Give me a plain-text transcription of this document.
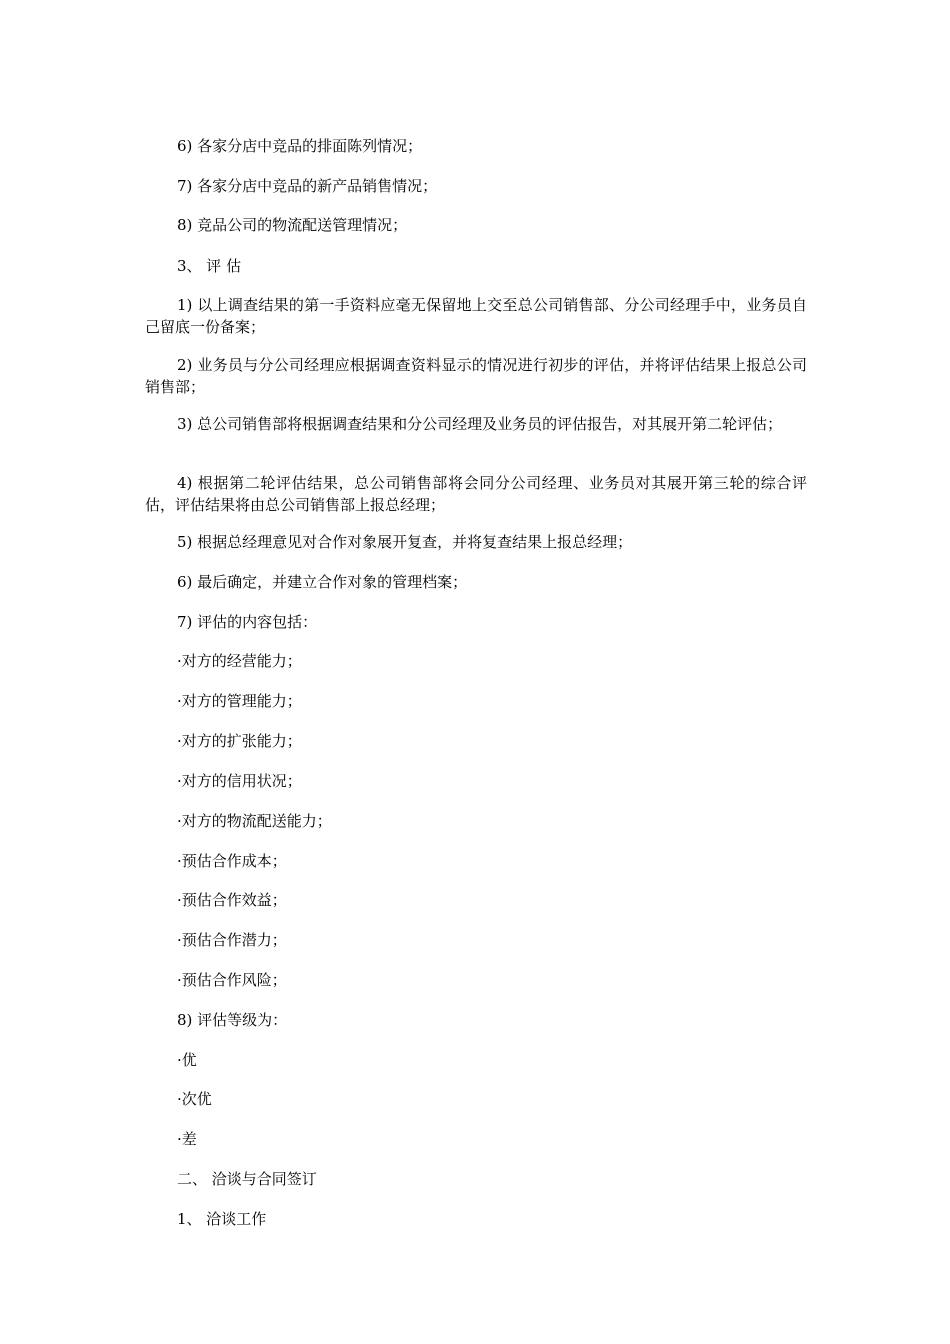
6) 各家分店中竞品的排面陈列情况；

7) 各家分店中竞品的新产品销售情况；

8) 竞品公司的物流配送管理情况；

3、 评 估

1) 以上调查结果的第一手资料应毫无保留地上交至总公司销售部、分公司经理手中，业务员自己留底一份备案；

2) 业务员与分公司经理应根据调查资料显示的情况进行初步的评估，并将评估结果上报总公司销售部；

3) 总公司销售部将根据调查结果和分公司经理及业务员的评估报告，对其展开第二轮评估；

4) 根据第二轮评估结果，总公司销售部将会同分公司经理、业务员对其展开第三轮的综合评估，评估结果将由总公司销售部上报总经理；

5) 根据总经理意见对合作对象展开复查，并将复查结果上报总经理；

6) 最后确定，并建立合作对象的管理档案；

7) 评估的内容包括：

·对方的经营能力；

·对方的管理能力；

·对方的扩张能力；

·对方的信用状况；

·对方的物流配送能力；

·预估合作成本；

·预估合作效益；

·预估合作潜力；

·预估合作风险；

8) 评估等级为：

·优

·次优

·差

二、 洽谈与合同签订

1、 洽谈工作
